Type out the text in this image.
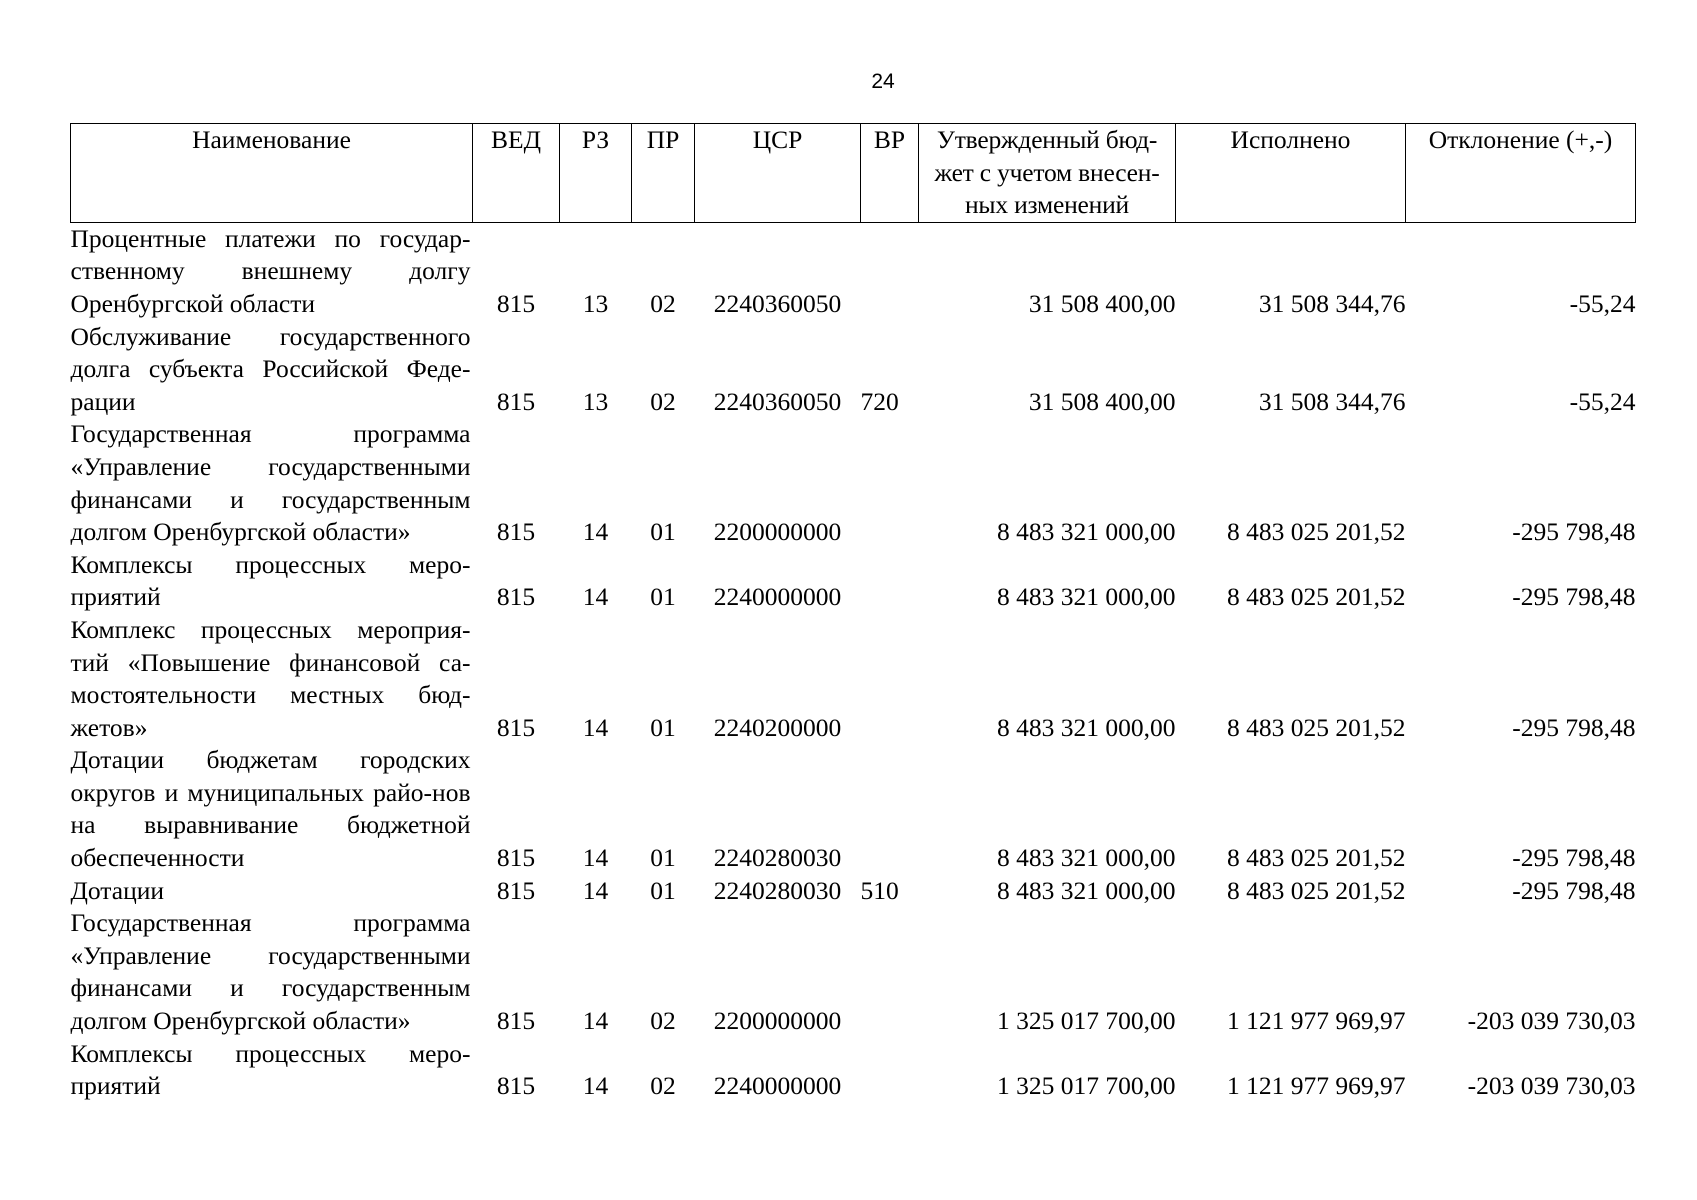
24
Наименование	ВЕД	РЗ	ПР	ЦСР	ВР	Утвержденный бюд-жет с учетом внесен-ных изменений	Исполнено	Отклонение (+,-)
Процентные платежи по государ-ственному внешнему долгу Оренбургской области	815	13	02	2240360050		31 508 400,00	31 508 344,76	-55,24
Обслуживание государственного долга субъекта Российской Феде-рации	815	13	02	2240360050	720	31 508 400,00	31 508 344,76	-55,24
Государственная программа «Управление государственными финансами и государственным долгом Оренбургской области»	815	14	01	2200000000		8 483 321 000,00	8 483 025 201,52	-295 798,48
Комплексы процессных меро-приятий	815	14	01	2240000000		8 483 321 000,00	8 483 025 201,52	-295 798,48
Комплекс процессных мероприя-тий «Повышение финансовой са-мостоятельности местных бюд-жетов»	815	14	01	2240200000		8 483 321 000,00	8 483 025 201,52	-295 798,48
Дотации бюджетам городских округов и муниципальных райо-нов на выравнивание бюджетной обеспеченности	815	14	01	2240280030		8 483 321 000,00	8 483 025 201,52	-295 798,48
Дотации	815	14	01	2240280030	510	8 483 321 000,00	8 483 025 201,52	-295 798,48
Государственная программа «Управление государственными финансами и государственным долгом Оренбургской области»	815	14	02	2200000000		1 325 017 700,00	1 121 977 969,97	-203 039 730,03
Комплексы процессных меро-приятий	815	14	02	2240000000		1 325 017 700,00	1 121 977 969,97	-203 039 730,03
